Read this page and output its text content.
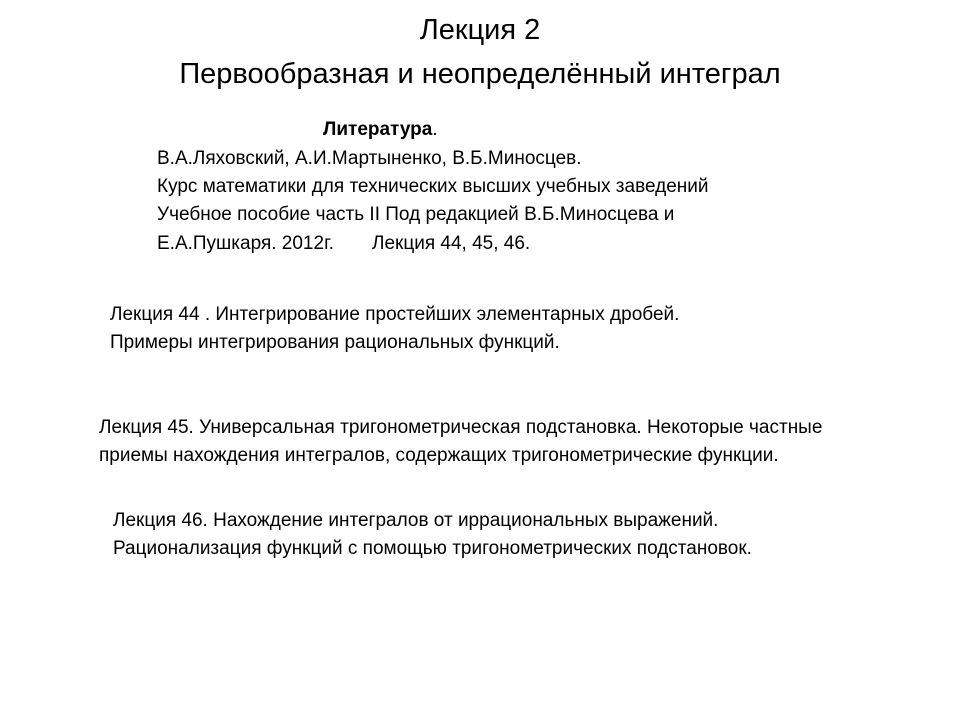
Лекция 2
Первообразная и неопределённый интеграл
Литература.
В.А.Ляховский, А.И.Мартыненко, В.Б.Миносцев.
Курс математики для технических высших учебных заведений
Учебное пособие часть II Под редакцией В.Б.Миносцева и
Е.А.Пушкаря. 2012г. Лекция 44, 45, 46.
Лекция 44 . Интегрирование простейших элементарных дробей.
Примеры интегрирования рациональных функций.
Лекция 45. Универсальная тригонометрическая подстановка. Некоторые частные
приемы нахождения интегралов, содержащих тригонометрические функции.
Лекция 46. Нахождение интегралов от иррациональных выражений.
Рационализация функций с помощью тригонометрических подстановок.
